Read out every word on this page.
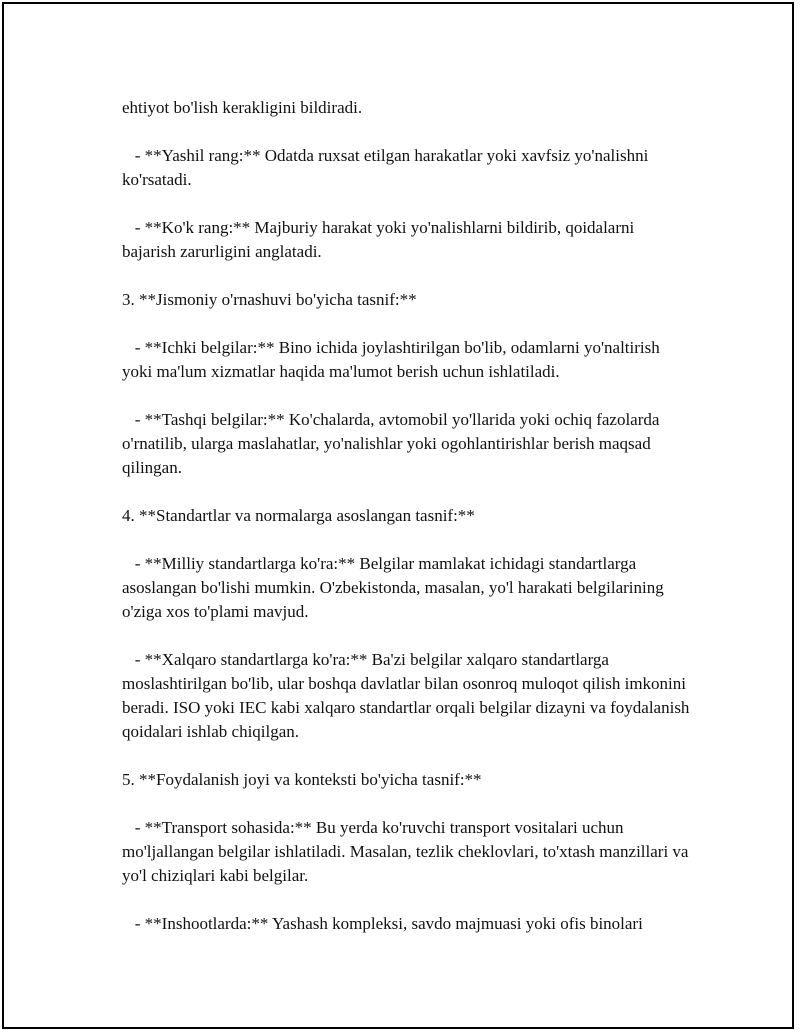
ehtiyot bo'lish kerakligini bildiradi.

- **Yashil rang:** Odatda ruxsat etilgan harakatlar yoki xavfsiz yo'nalishni ko'rsatadi.

- **Ko'k rang:** Majburiy harakat yoki yo'nalishlarni bildirib, qoidalarni bajarish zarurligini anglatadi.

3. **Jismoniy o'rnashuvi bo'yicha tasnif:**

- **Ichki belgilar:** Bino ichida joylashtirilgan bo'lib, odamlarni yo'naltirish yoki ma'lum xizmatlar haqida ma'lumot berish uchun ishlatiladi.

- **Tashqi belgilar:** Ko'chalarda, avtomobil yo'llarida yoki ochiq fazolarda o'rnatilib, ularga maslahatlar, yo'nalishlar yoki ogohlantirishlar berish maqsad qilingan.

4. **Standartlar va normalarga asoslangan tasnif:**

- **Milliy standartlarga ko'ra:** Belgilar mamlakat ichidagi standartlarga asoslangan bo'lishi mumkin. O'zbekistonda, masalan, yo'l harakati belgilarining o'ziga xos to'plami mavjud.

- **Xalqaro standartlarga ko'ra:** Ba'zi belgilar xalqaro standartlarga moslashtirilgan bo'lib, ular boshqa davlatlar bilan osonroq muloqot qilish imkonini beradi. ISO yoki IEC kabi xalqaro standartlar orqali belgilar dizayni va foydalanish qoidalari ishlab chiqilgan.

5. **Foydalanish joyi va konteksti bo'yicha tasnif:**

- **Transport sohasida:** Bu yerda ko'ruvchi transport vositalari uchun mo'ljallangan belgilar ishlatiladi. Masalan, tezlik cheklovlari, to'xtash manzillari va yo'l chiziqlari kabi belgilar.

- **Inshootlarda:** Yashash kompleksi, savdo majmuasi yoki ofis binolari
